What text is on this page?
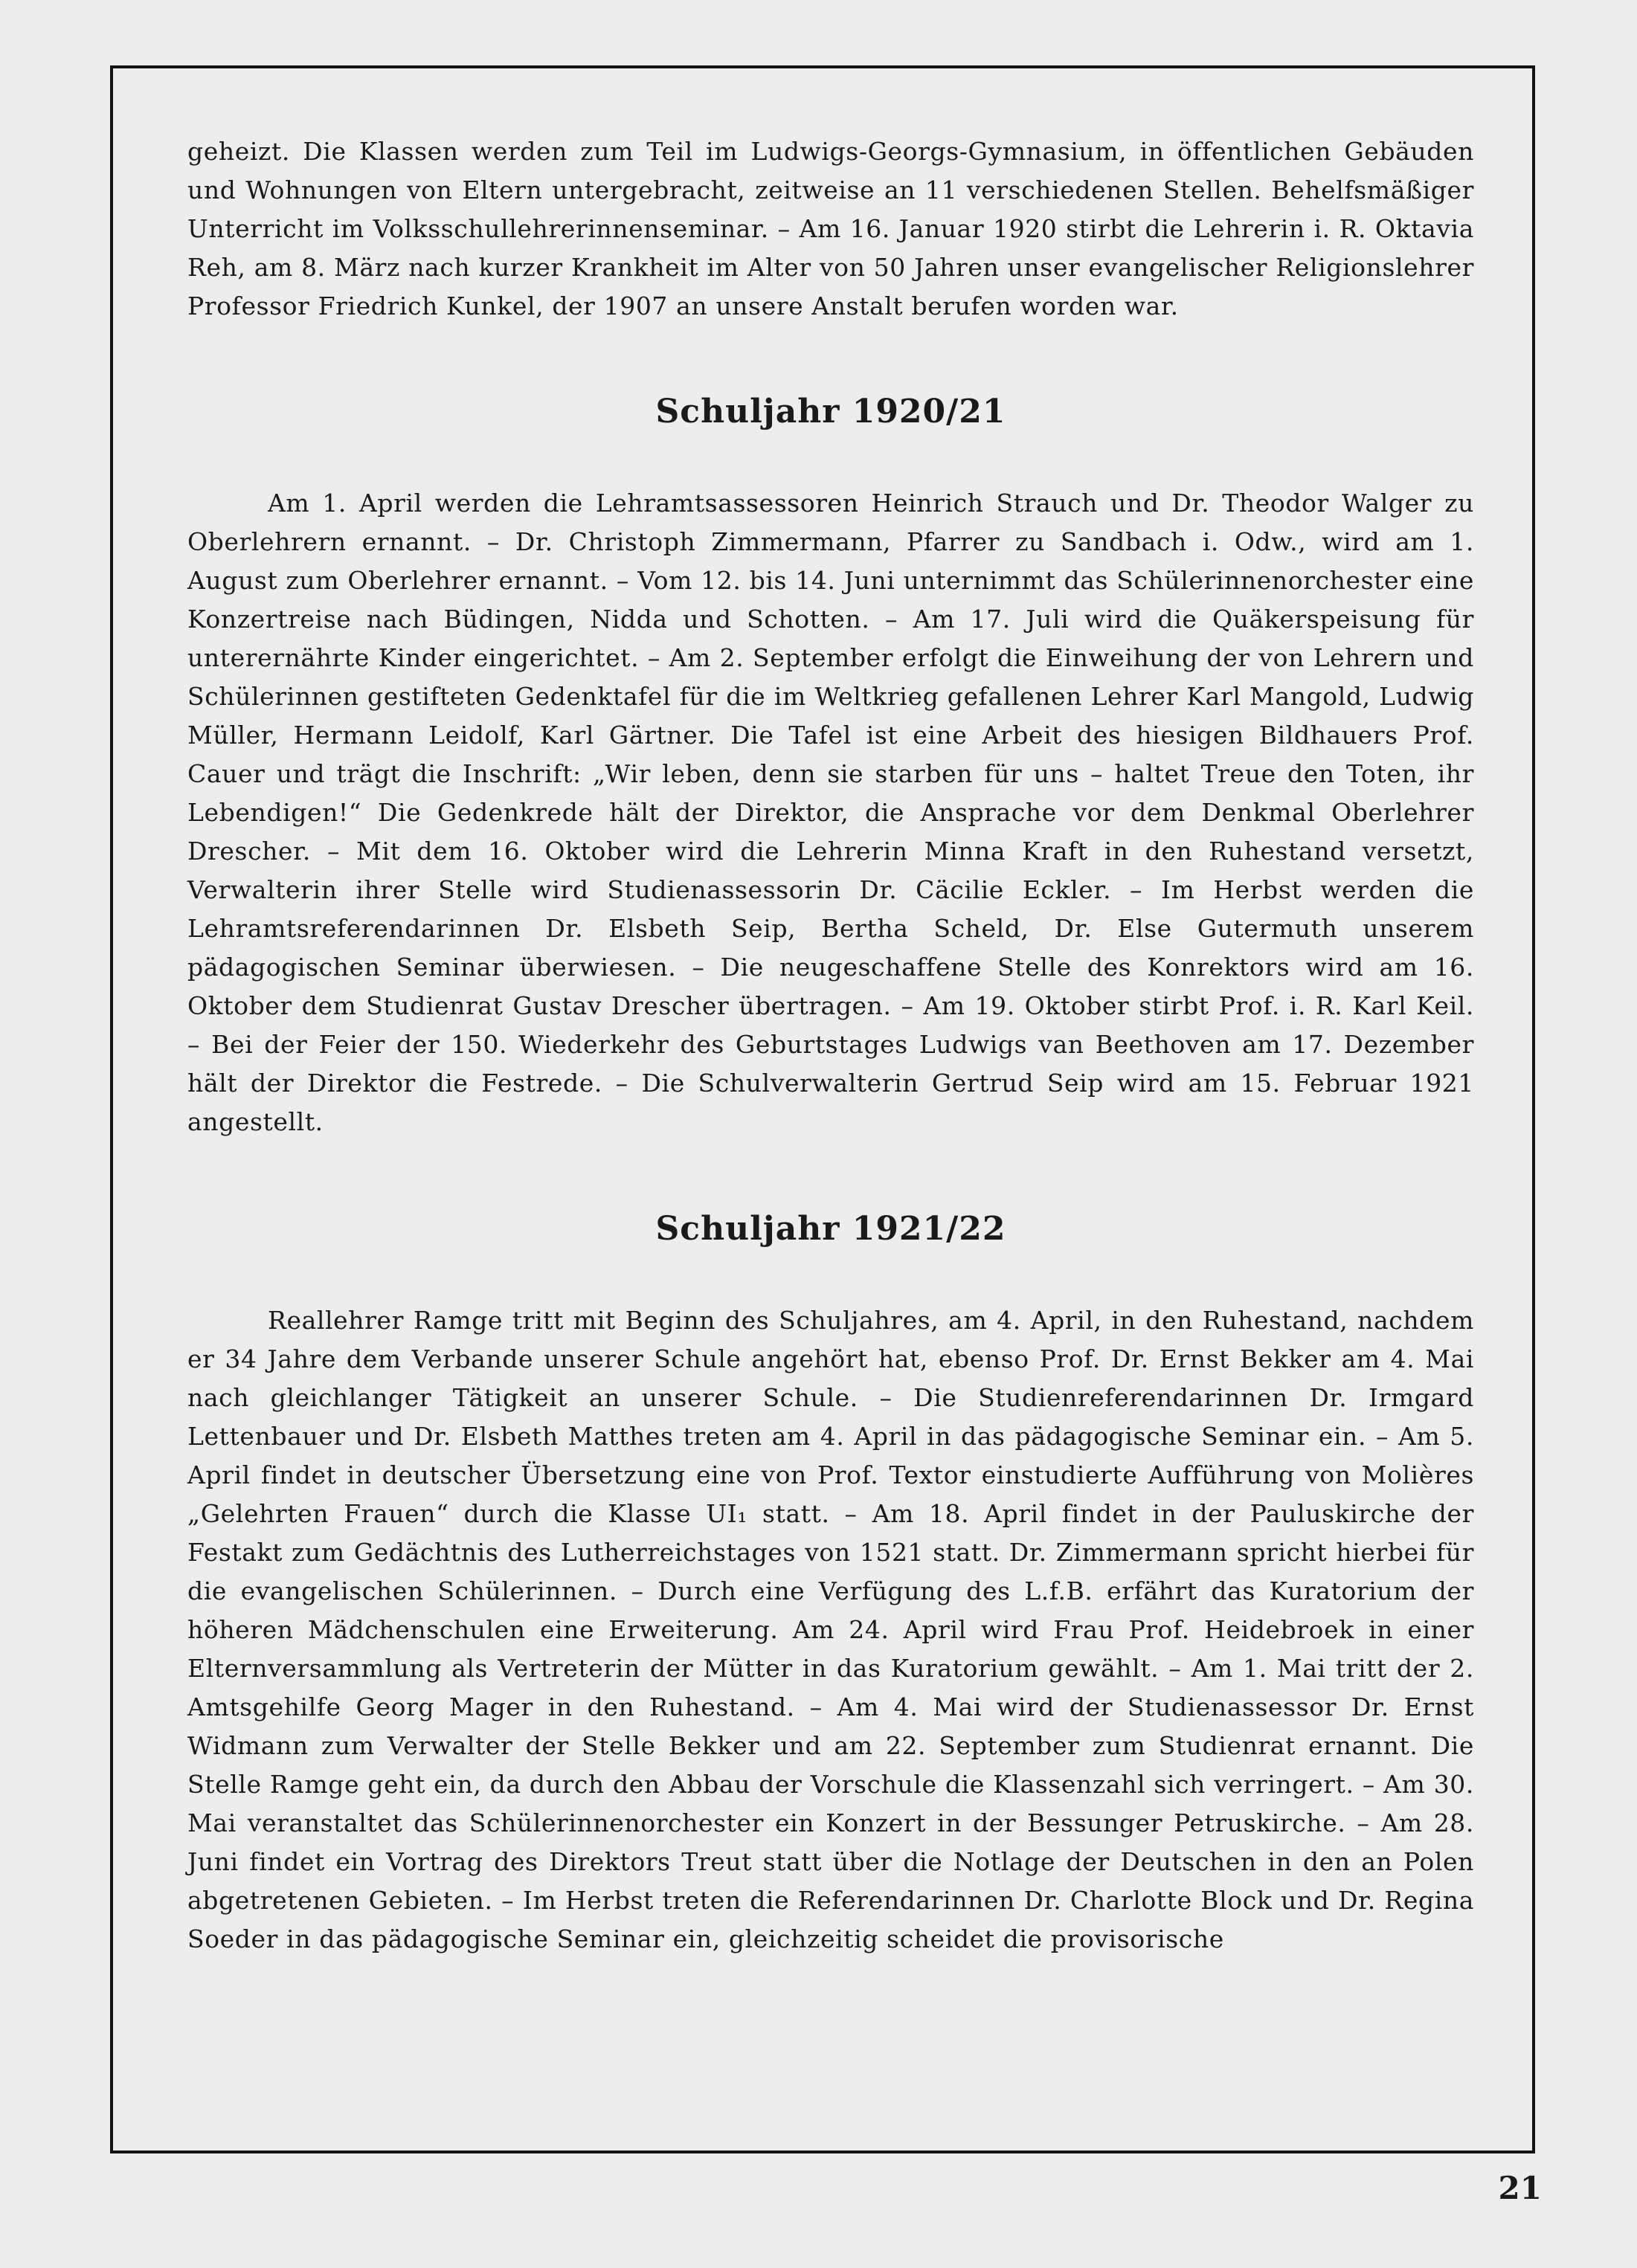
geheizt. Die Klassen werden zum Teil im Ludwigs-Georgs-Gymnasium, in öffentlichen Gebäuden und Wohnungen von Eltern untergebracht, zeitweise an 11 verschiedenen Stellen. Behelfsmäßiger Unterricht im Volksschullehrerinnenseminar. – Am 16. Januar 1920 stirbt die Lehrerin i. R. Oktavia Reh, am 8. März nach kurzer Krankheit im Alter von 50 Jahren unser evangelischer Religionslehrer Professor Friedrich Kunkel, der 1907 an unsere Anstalt berufen worden war.

Schuljahr 1920/21

Am 1. April werden die Lehramtsassessoren Heinrich Strauch und Dr. Theodor Walger zu Oberlehrern ernannt. – Dr. Christoph Zimmermann, Pfarrer zu Sandbach i. Odw., wird am 1. August zum Oberlehrer ernannt. – Vom 12. bis 14. Juni unternimmt das Schülerinnenorchester eine Konzertreise nach Büdingen, Nidda und Schotten. – Am 17. Juli wird die Quäkerspeisung für unterernährte Kinder eingerichtet. – Am 2. September erfolgt die Einweihung der von Lehrern und Schülerinnen gestifteten Gedenktafel für die im Weltkrieg gefallenen Lehrer Karl Mangold, Ludwig Müller, Hermann Leidolf, Karl Gärtner. Die Tafel ist eine Arbeit des hiesigen Bildhauers Prof. Cauer und trägt die Inschrift: „Wir leben, denn sie starben für uns – haltet Treue den Toten, ihr Lebendigen!“ Die Gedenkrede hält der Direktor, die Ansprache vor dem Denkmal Oberlehrer Drescher. – Mit dem 16. Oktober wird die Lehrerin Minna Kraft in den Ruhestand versetzt, Verwalterin ihrer Stelle wird Studienassessorin Dr. Cäcilie Eckler. – Im Herbst werden die Lehramtsreferendarinnen Dr. Elsbeth Seip, Bertha Scheld, Dr. Else Gutermuth unserem pädagogischen Seminar überwiesen. – Die neugeschaffene Stelle des Konrektors wird am 16. Oktober dem Studienrat Gustav Drescher übertragen. – Am 19. Oktober stirbt Prof. i. R. Karl Keil. – Bei der Feier der 150. Wiederkehr des Geburtstages Ludwigs van Beethoven am 17. Dezember hält der Direktor die Festrede. – Die Schulverwalterin Gertrud Seip wird am 15. Februar 1921 angestellt.

Schuljahr 1921/22

Reallehrer Ramge tritt mit Beginn des Schuljahres, am 4. April, in den Ruhestand, nachdem er 34 Jahre dem Verbande unserer Schule angehört hat, ebenso Prof. Dr. Ernst Bekker am 4. Mai nach gleichlanger Tätigkeit an unserer Schule. – Die Studienreferendarinnen Dr. Irmgard Lettenbauer und Dr. Elsbeth Matthes treten am 4. April in das pädagogische Seminar ein. – Am 5. April findet in deutscher Übersetzung eine von Prof. Textor einstudierte Aufführung von Molières „Gelehrten Frauen“ durch die Klasse UI₁ statt. – Am 18. April findet in der Pauluskirche der Festakt zum Gedächtnis des Lutherreichstages von 1521 statt. Dr. Zimmermann spricht hierbei für die evangelischen Schülerinnen. – Durch eine Verfügung des L.f.B. erfährt das Kuratorium der höheren Mädchenschulen eine Erweiterung. Am 24. April wird Frau Prof. Heidebroek in einer Elternversammlung als Vertreterin der Mütter in das Kuratorium gewählt. – Am 1. Mai tritt der 2. Amtsgehilfe Georg Mager in den Ruhestand. – Am 4. Mai wird der Studienassessor Dr. Ernst Widmann zum Verwalter der Stelle Bekker und am 22. September zum Studienrat ernannt. Die Stelle Ramge geht ein, da durch den Abbau der Vorschule die Klassenzahl sich verringert. – Am 30. Mai veranstaltet das Schülerinnenorchester ein Konzert in der Bessunger Petruskirche. – Am 28. Juni findet ein Vortrag des Direktors Treut statt über die Notlage der Deutschen in den an Polen abgetretenen Gebieten. – Im Herbst treten die Referendarinnen Dr. Charlotte Block und Dr. Regina Soeder in das pädagogische Seminar ein, gleichzeitig scheidet die provisorische

21
